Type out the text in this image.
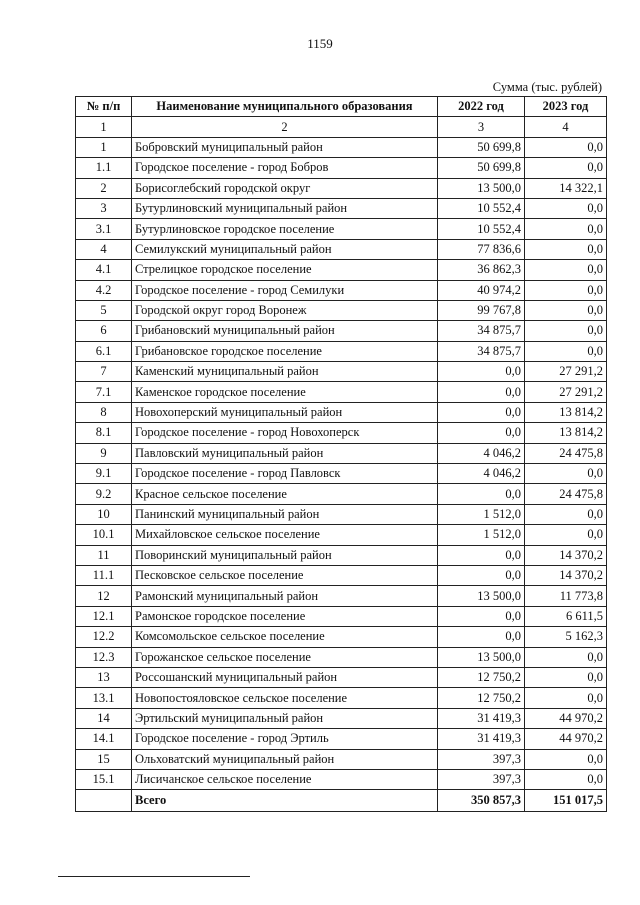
1159
Сумма (тыс. рублей)
№ п/п	Наименование муниципального образования	2022 год	2023 год
1	2	3	4
1	Бобровский муниципальный район	50 699,8	0,0
1.1	Городское поселение - город Бобров	50 699,8	0,0
2	Борисоглебский городской округ	13 500,0	14 322,1
3	Бутурлиновский муниципальный район	10 552,4	0,0
3.1	Бутурлиновское городское поселение	10 552,4	0,0
4	Семилукский муниципальный район	77 836,6	0,0
4.1	Стрелицкое городское поселение	36 862,3	0,0
4.2	Городское поселение - город Семилуки	40 974,2	0,0
5	Городской округ город Воронеж	99 767,8	0,0
6	Грибановский муниципальный район	34 875,7	0,0
6.1	Грибановское городское поселение	34 875,7	0,0
7	Каменский муниципальный район	0,0	27 291,2
7.1	Каменское городское поселение	0,0	27 291,2
8	Новохоперский муниципальный район	0,0	13 814,2
8.1	Городское поселение - город Новохоперск	0,0	13 814,2
9	Павловский муниципальный район	4 046,2	24 475,8
9.1	Городское поселение - город Павловск	4 046,2	0,0
9.2	Красное сельское поселение	0,0	24 475,8
10	Панинский муниципальный район	1 512,0	0,0
10.1	Михайловское сельское поселение	1 512,0	0,0
11	Поворинский муниципальный район	0,0	14 370,2
11.1	Песковское сельское поселение	0,0	14 370,2
12	Рамонский муниципальный район	13 500,0	11 773,8
12.1	Рамонское городское поселение	0,0	6 611,5
12.2	Комсомольское сельское поселение	0,0	5 162,3
12.3	Горожанское сельское поселение	13 500,0	0,0
13	Россошанский муниципальный район	12 750,2	0,0
13.1	Новопостояловское сельское поселение	12 750,2	0,0
14	Эртильский муниципальный район	31 419,3	44 970,2
14.1	Городское поселение - город Эртиль	31 419,3	44 970,2
15	Ольховатский муниципальный район	397,3	0,0
15.1	Лисичанское сельское поселение	397,3	0,0
	Всего	350 857,3	151 017,5
